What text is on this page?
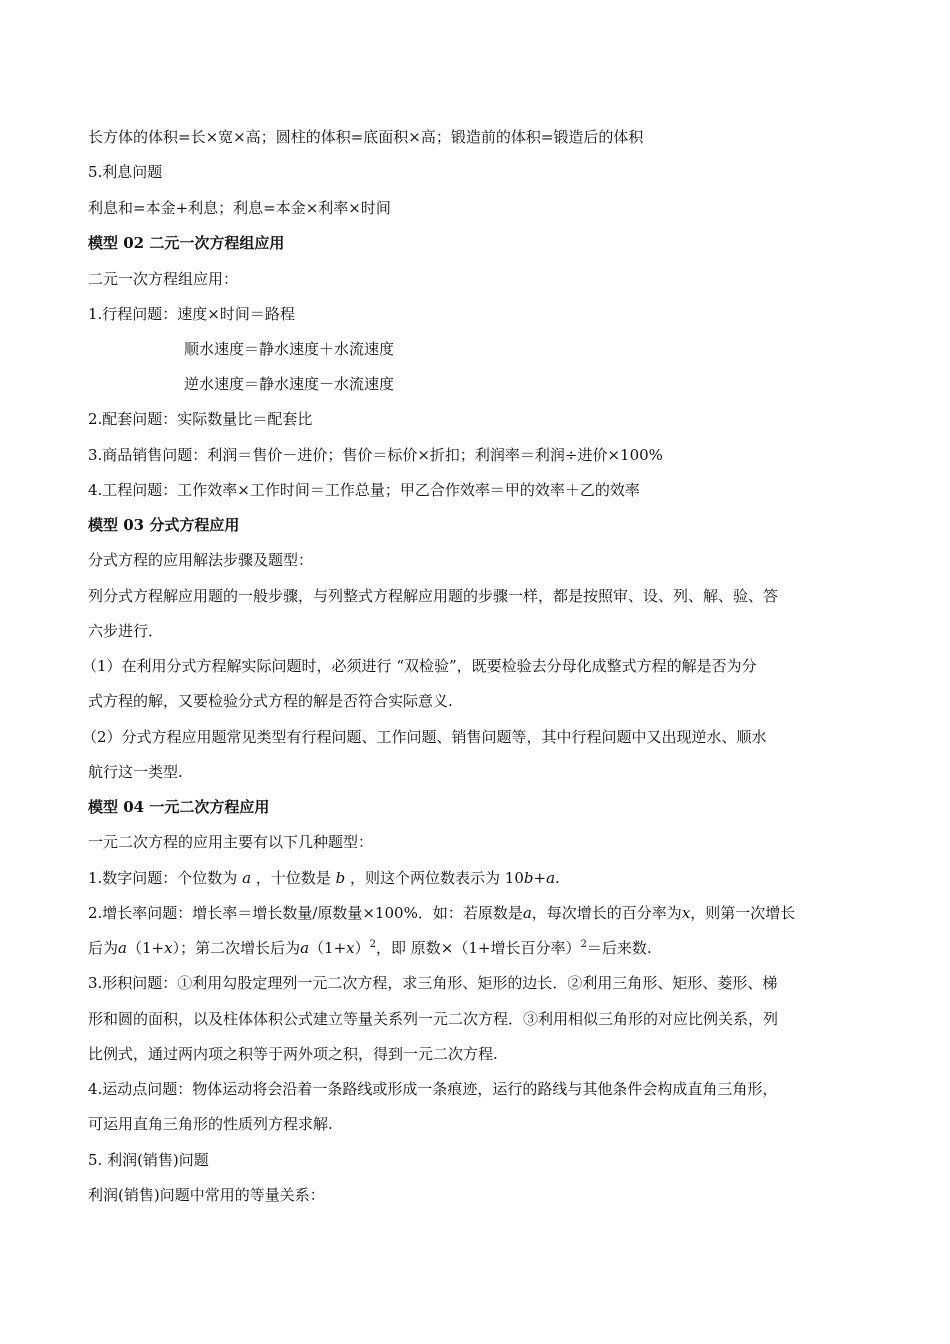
长方体的体积=长×宽×高；圆柱的体积=底面积×高；锻造前的体积=锻造后的体积
5.利息问题
利息和=本金+利息；利息=本金×利率×时间
模型 02 二元一次方程组应用
二元一次方程组应用：
1.行程问题：速度×时间＝路程
顺水速度＝静水速度＋水流速度
逆水速度＝静水速度－水流速度
2.配套问题：实际数量比＝配套比
3.商品销售问题：利润＝售价－进价；售价＝标价×折扣；利润率＝利润÷进价×100%
4.工程问题：工作效率×工作时间＝工作总量；甲乙合作效率＝甲的效率＋乙的效率
模型 03 分式方程应用
分式方程的应用解法步骤及题型：
列分式方程解应用题的一般步骤，与列整式方程解应用题的步骤一样，都是按照审、设、列、解、验、答
六步进行．
（1）在利用分式方程解实际问题时，必须进行 “双检验”，既要检验去分母化成整式方程的解是否为分
式方程的解，又要检验分式方程的解是否符合实际意义.
（2）分式方程应用题常见类型有行程问题、工作问题、销售问题等，其中行程问题中又出现逆水、顺水
航行这一类型.
模型 04 一元二次方程应用
一元二次方程的应用主要有以下几种题型：
1.数字问题：个位数为 a ，十位数是 b ，则这个两位数表示为 10b+a.
2.增长率问题：增长率＝增长数量/原数量×100%．如：若原数是a，每次增长的百分率为x，则第一次增长
后为a（1+x）；第二次增长后为$a(1+x)^2$，即 原数×（1+增长百分率）$^2$＝后来数.
3.形积问题：①利用勾股定理列一元二次方程，求三角形、矩形的边长．②利用三角形、矩形、菱形、梯
形和圆的面积，以及柱体体积公式建立等量关系列一元二次方程．③利用相似三角形的对应比例关系，列
比例式，通过两内项之积等于两外项之积，得到一元二次方程.
4.运动点问题：物体运动将会沿着一条路线或形成一条痕迹，运行的路线与其他条件会构成直角三角形，
可运用直角三角形的性质列方程求解.
5. 利润(销售)问题
利润(销售)问题中常用的等量关系：
